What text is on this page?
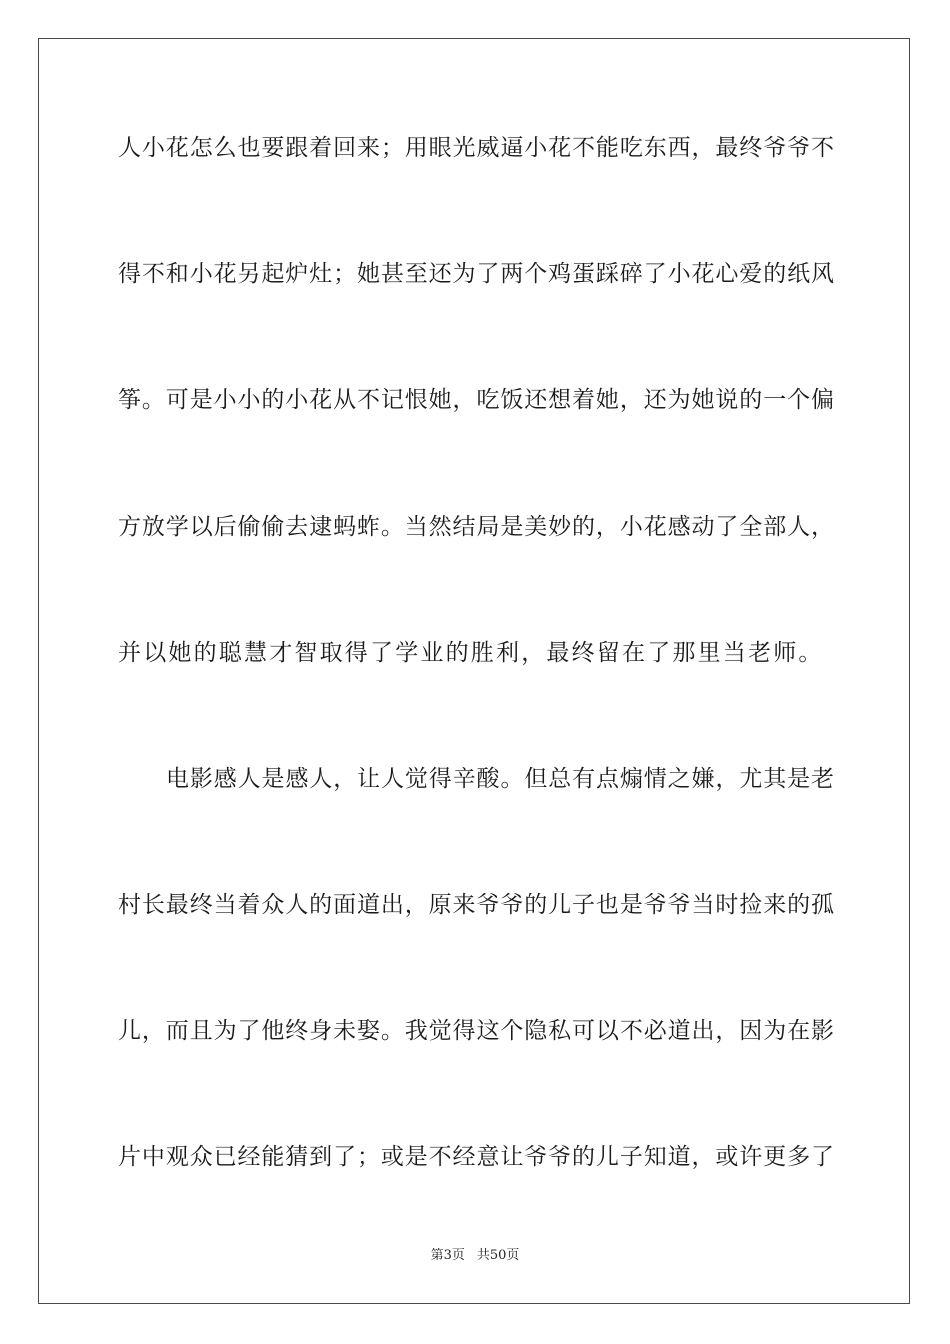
人小花怎么也要跟着回来；用眼光威逼小花不能吃东西，最终爷爷不
得不和小花另起炉灶；她甚至还为了两个鸡蛋踩碎了小花心爱的纸风
筝。可是小小的小花从不记恨她，吃饭还想着她，还为她说的一个偏
方放学以后偷偷去逮蚂蚱。当然结局是美妙的，小花感动了全部人，
并以她的聪慧才智取得了学业的胜利，最终留在了那里当老师。
电影感人是感人，让人觉得辛酸。但总有点煽情之嫌，尤其是老
村长最终当着众人的面道出，原来爷爷的儿子也是爷爷当时捡来的孤
儿，而且为了他终身未娶。我觉得这个隐私可以不必道出，因为在影
片中观众已经能猜到了；或是不经意让爷爷的儿子知道，或许更多了
第3页 共50页
